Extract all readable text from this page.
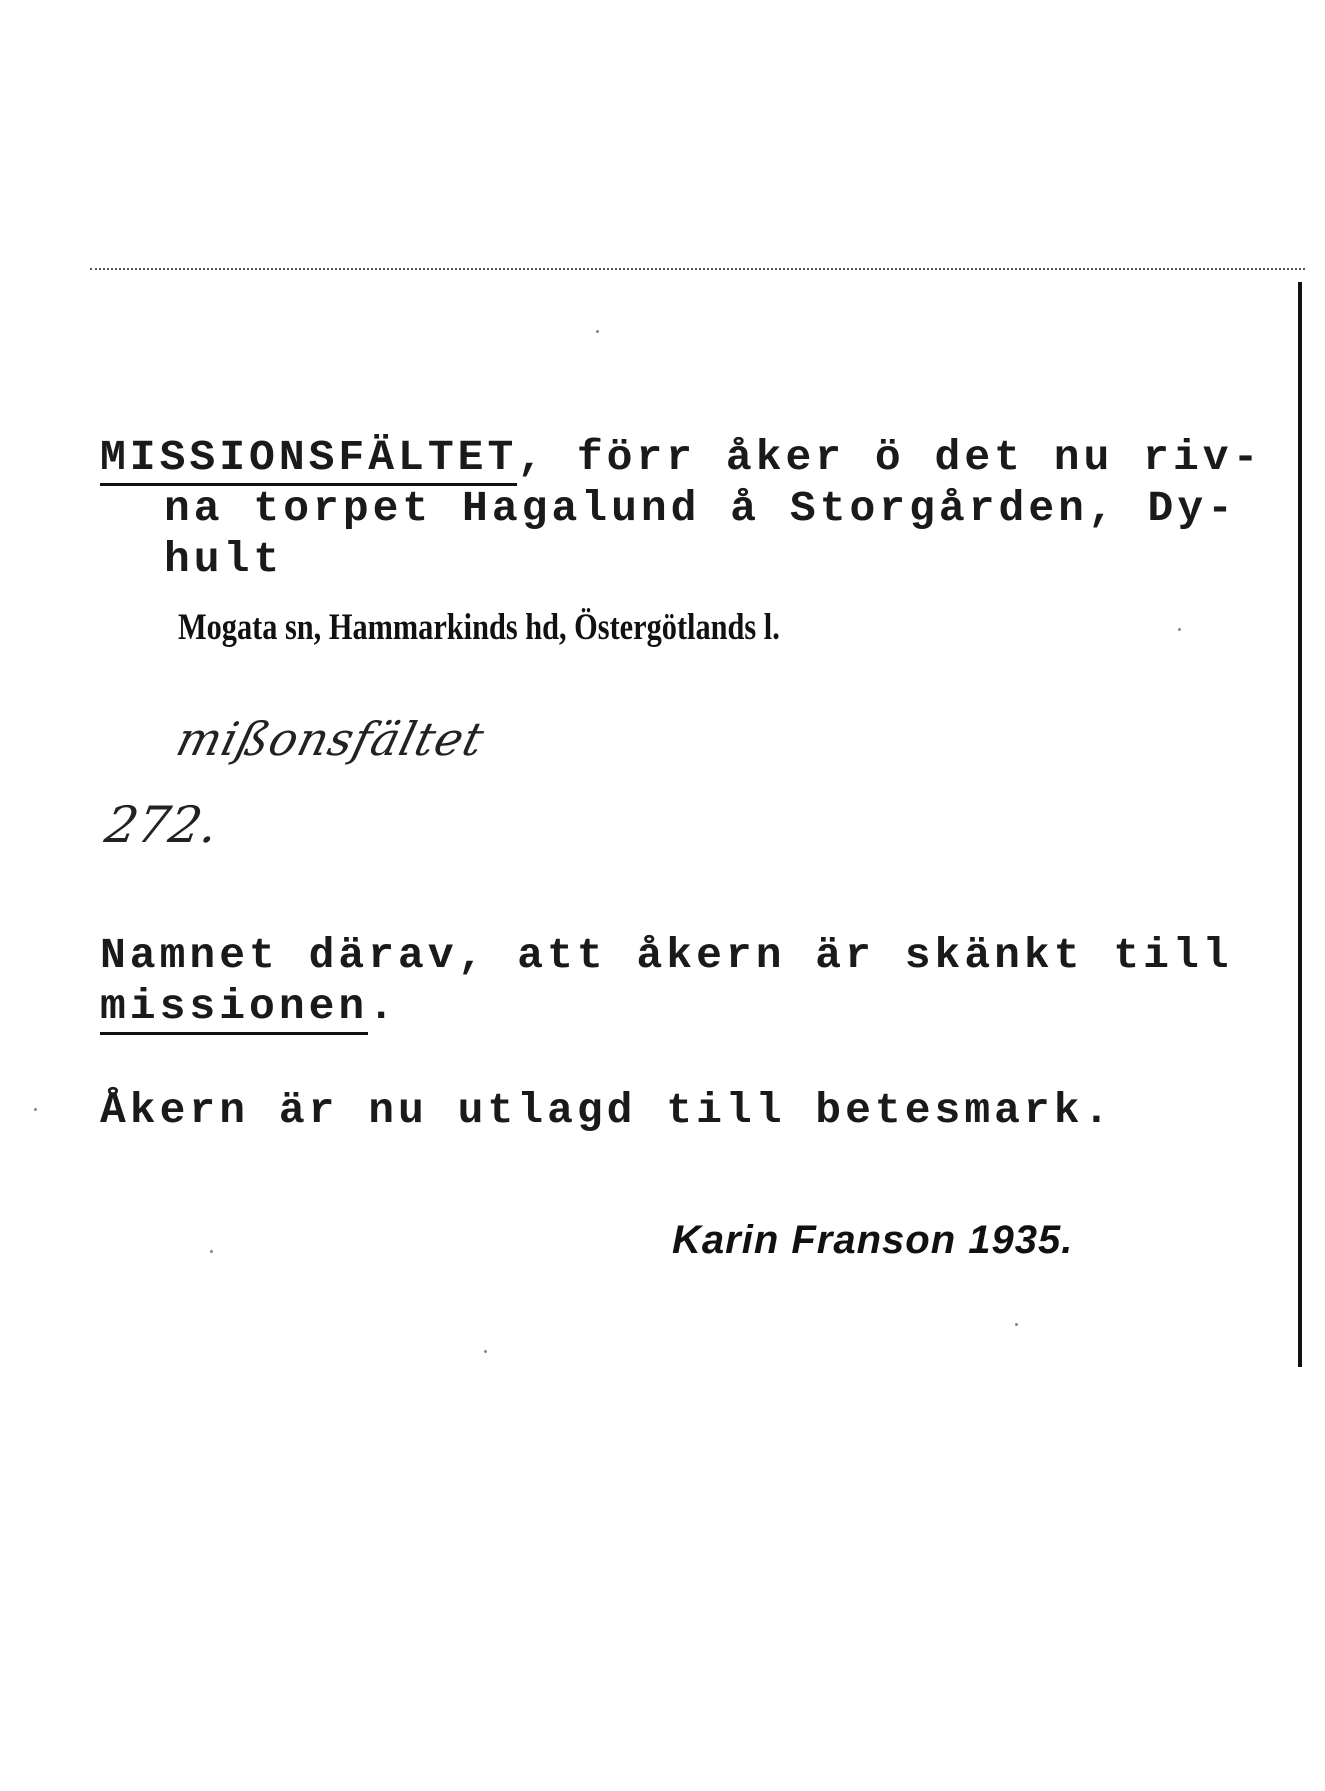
MISSIONSFÄLTET, förr åker ö det nu riv-
na torpet Hagalund å Storgården, Dy-
hult
Mogata sn, Hammarkinds hd, Östergötlands l.
mißonsfältet
272.
Namnet därav, att åkern är skänkt till
missionen.
Åkern är nu utlagd till betesmark.
Karin Franson 1935.
